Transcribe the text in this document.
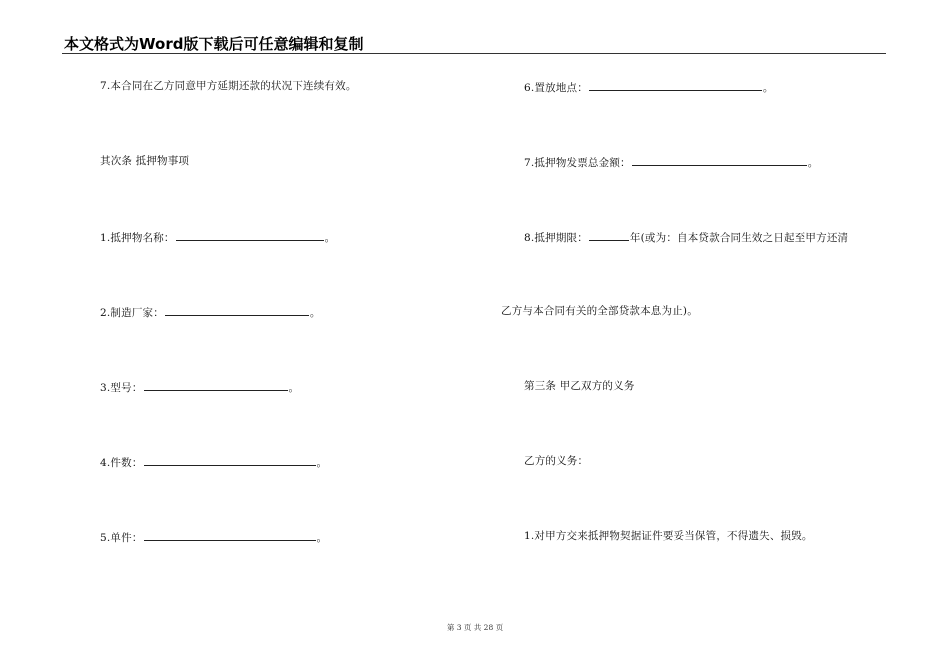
本文格式为Word版下载后可任意编辑和复制
7.本合同在乙方同意甲方延期还款的状况下连续有效。
其次条 抵押物事项
1.抵押物名称：	。
2.制造厂家：	。
3.型号：	。
4.件数：	。
5.单件：	。
6.置放地点：	。
7.抵押物发票总金额：	。
8.抵押期限：	年(或为：自本贷款合同生效之日起至甲方还清
乙方与本合同有关的全部贷款本息为止)。
第三条 甲乙双方的义务
乙方的义务：
1.对甲方交来抵押物契据证件要妥当保管，不得遗失、损毁。
第 3 页 共 28 页
